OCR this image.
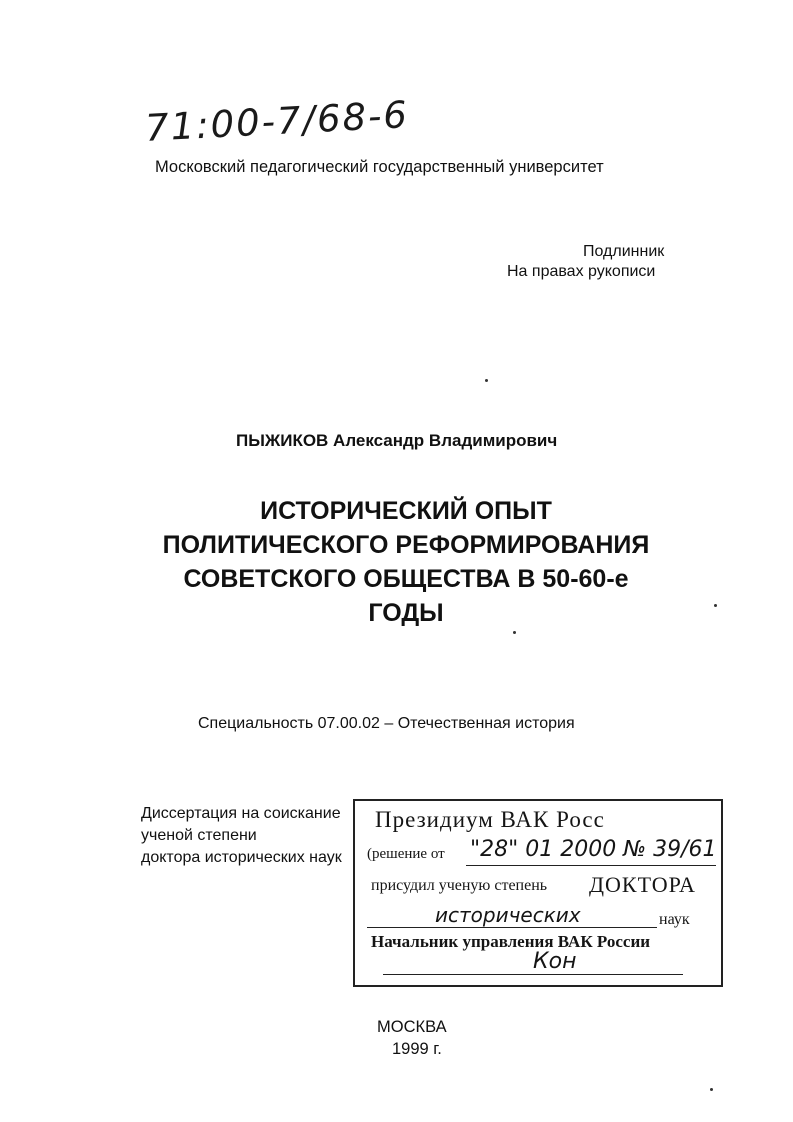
71:00-7/68-6
Московский педагогический государственный университет
Подлинник
На правах рукописи
ПЫЖИКОВ Александр Владимирович
ИСТОРИЧЕСКИЙ ОПЫТ
ПОЛИТИЧЕСКОГО РЕФОРМИРОВАНИЯ
СОВЕТСКОГО ОБЩЕСТВА В 50-60-е
ГОДЫ
Специальность 07.00.02 – Отечественная история
Диссертация на соискание
ученой степени
доктора исторических наук
Президиум ВАК Росс
(решение от "28" 01 2000 № 39/61
присудил ученую степень ДОКТОРА
исторических	наук
Начальник управления ВАК России
Кон
МОСКВА
1999 г.
